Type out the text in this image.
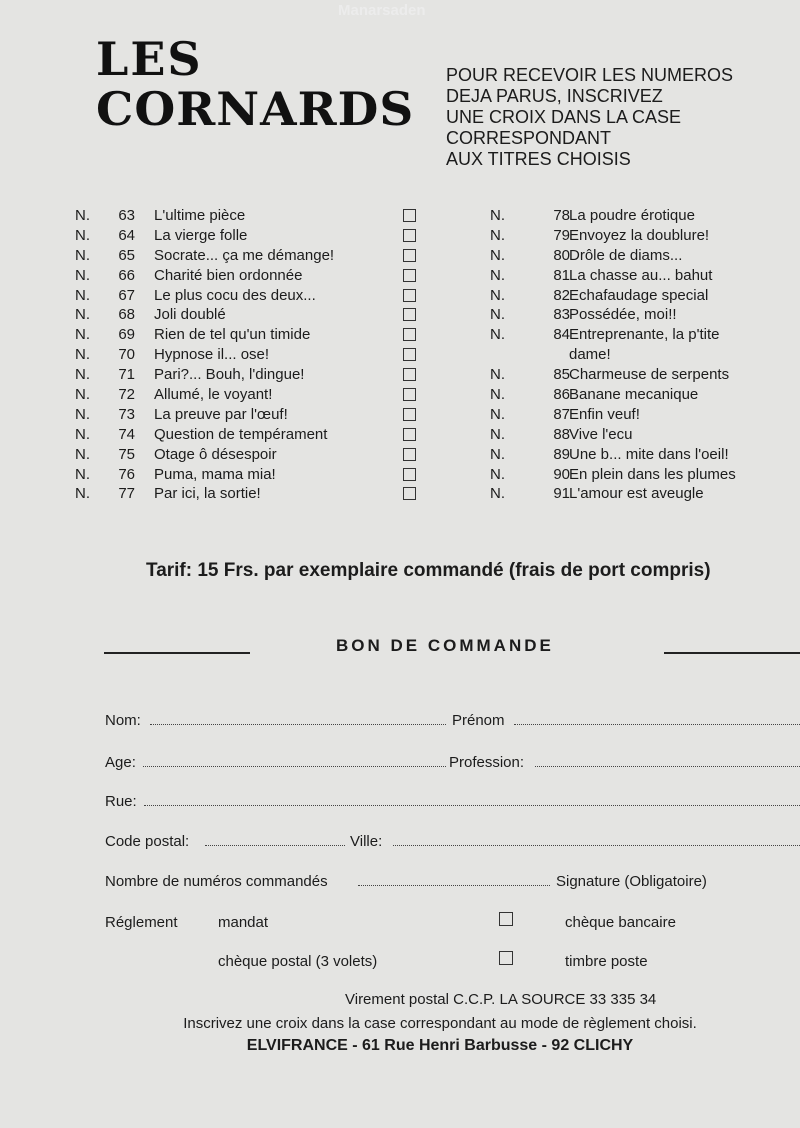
Manarsaden
LES
CORNARDS
POUR RECEVOIR LES NUMEROS
DEJA PARUS, INSCRIVEZ
UNE CROIX DANS LA CASE
CORRESPONDANT
AUX TITRES CHOISIS
N.	63 L'ultime pièce
N.	64 La vierge folle
N.	65 Socrate... ça me démange!
N.	66 Charité bien ordonnée
N.	67 Le plus cocu des deux...
N.	68 Joli doublé
N.	69 Rien de tel qu'un timide
N.	70 Hypnose il... ose!
N.	71 Pari?... Bouh, l'dingue!
N.	72 Allumé, le voyant!
N.	73 La preuve par l'œuf!
N.	74 Question de tempérament
N.	75 Otage ô désespoir
N.	76 Puma, mama mia!
N.	77 Par ici, la sortie!
N.	78 La poudre érotique
N.	79 Envoyez la doublure!
N.	80 Drôle de diams...
N.	81 La chasse au... bahut
N.	82 Echafaudage special
N.	83 Possédée, moi!!
N.	84 Entreprenante, la p'tite
dame!
N.	85 Charmeuse de serpents
N.	86 Banane mecanique
N.	87 Enfin veuf!
N.	88 Vive l'ecu
N.	89 Une b... mite dans l'oeil!
N.	90 En plein dans les plumes
N.	91 L'amour est aveugle
Tarif: 15 Frs. par exemplaire commandé (frais de port compris)
BON DE COMMANDE
Nom:	Prénom
Age:	Profession:
Rue:
Code postal:	Ville:
Nombre de numéros commandés	Signature (Obligatoire)
Réglement	mandat	chèque bancaire
chèque postal (3 volets)	timbre poste
Virement postal C.C.P. LA SOURCE 33 335 34
Inscrivez une croix dans la case correspondant au mode de règlement choisi.
ELVIFRANCE - 61 Rue Henri Barbusse - 92 CLICHY
